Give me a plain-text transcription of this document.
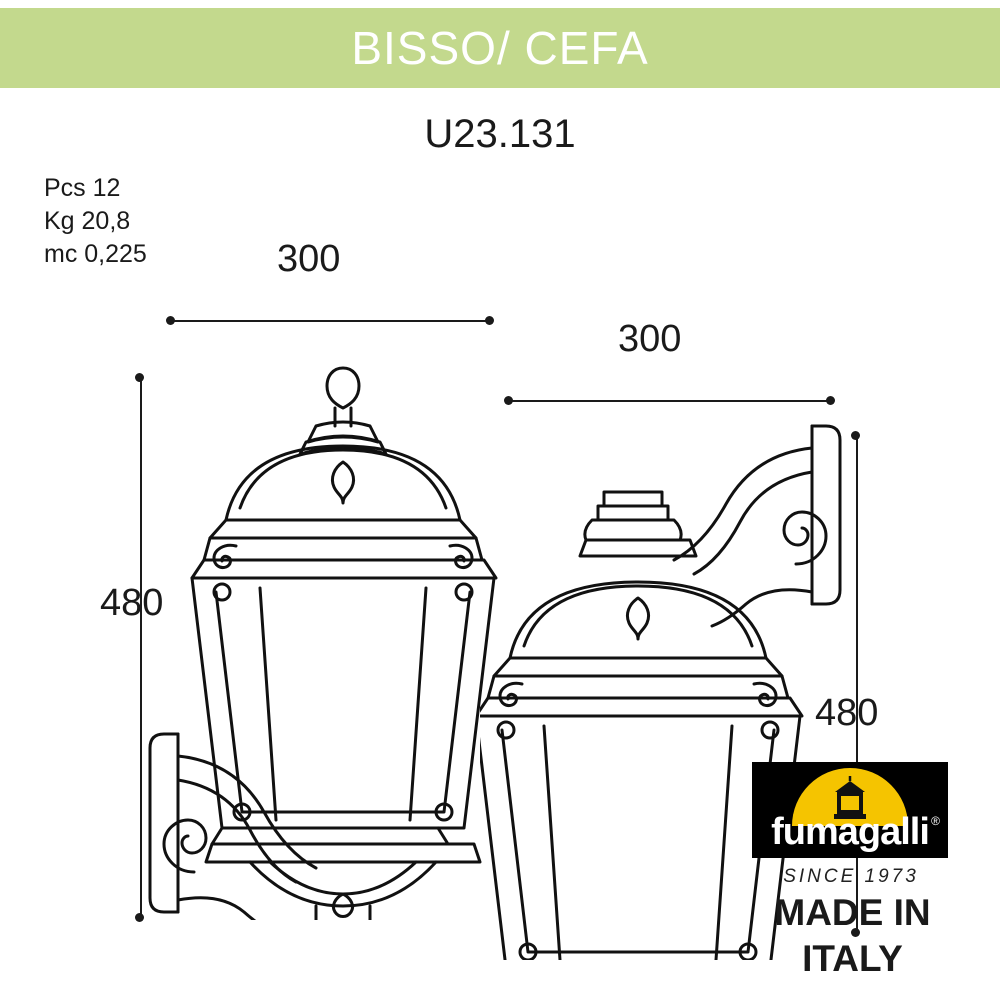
BISSO/ CEFA
U23.131
Pcs 12
Kg 20,8
mc 0,225	300
480
300
480
fumagalli ®
SINCE 1973
MADE IN
ITALY
